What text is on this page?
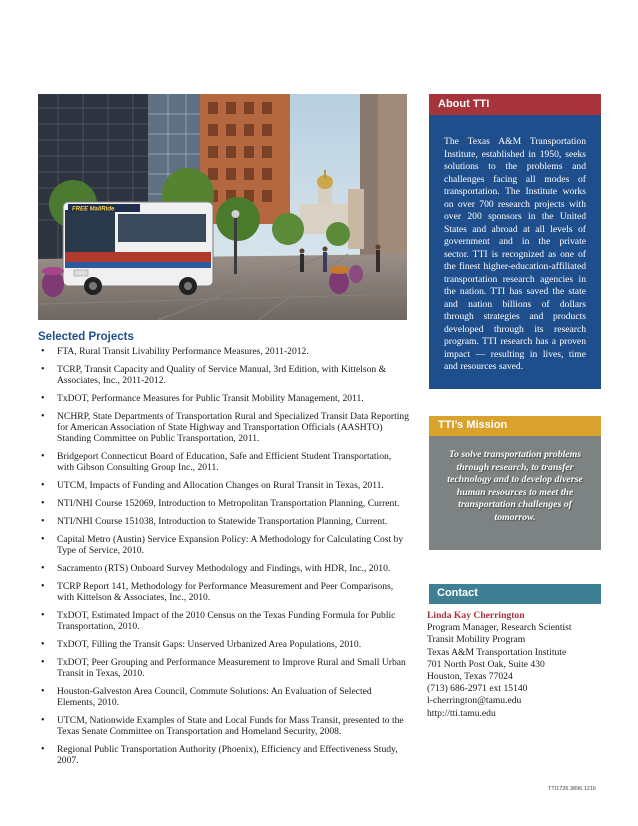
FREE MallRide
Selected Projects
• FTA, Rural Transit Livability Performance Measures, 2011-2012.
• TCRP, Transit Capacity and Quality of Service Manual, 3rd Edition, with Kittelson & Associates, Inc., 2011-2012.
• TxDOT, Performance Measures for Public Transit Mobility Management, 2011.
• NCHRP, State Departments of Transportation Rural and Specialized Transit Data Reporting for American Association of State Highway and Transportation Officials (AASHTO) Standing Committee on Public Transportation, 2011.
• Bridgeport Connecticut Board of Education, Safe and Efficient Student Transportation, with Gibson Consulting Group Inc., 2011.
• UTCM, Impacts of Funding and Allocation Changes on Rural Transit in Texas, 2011.
• NTI/NHI Course 152069, Introduction to Metropolitan Transportation Planning, Current.
• NTI/NHI Course 151038, Introduction to Statewide Transportation Planning, Current.
• Capital Metro (Austin) Service Expansion Policy: A Methodology for Calculating Cost by Type of Service, 2010.
• Sacramento (RTS) Onboard Survey Methodology and Findings, with HDR, Inc., 2010.
• TCRP Report 141, Methodology for Performance Measurement and Peer Comparisons, with Kittelson & Associates, Inc., 2010.
• TxDOT, Estimated Impact of the 2010 Census on the Texas Funding Formula for Public Transportation, 2010.
• TxDOT, Filling the Transit Gaps: Unserved Urbanized Area Populations, 2010.
• TxDOT, Peer Grouping and Performance Measurement to Improve Rural and Small Urban Transit in Texas, 2010.
• Houston-Galveston Area Council, Commute Solutions: An Evaluation of Selected Elements, 2010.
• UTCM, Nationwide Examples of State and Local Funds for Mass Transit, presented to the Texas Senate Committee on Transportation and Homeland Security, 2008.
• Regional Public Transportation Authority (Phoenix), Efficiency and Effectiveness Study, 2007.
About TTI

The Texas A&M Transportation Institute, established in 1950, seeks solutions to the problems and challenges facing all modes of transportation. The Institute works on over 700 research projects with over 200 sponsors in the United States and abroad at all levels of government and in the private sector. TTI is recognized as one of the finest higher-education-affiliated transportation research agencies in the nation. TTI has saved the state and nation billions of dollars through strategies and products developed through its research program. TTI research has a proven impact — resulting in lives, time and resources saved.

TTI’s Mission

To solve transportation problems through research, to transfer technology and to develop diverse human resources to meet the transportation challenges of tomorrow.

Contact
Linda Kay Cherrington
Program Manager, Research Scientist
Transit Mobility Program
Texas A&M Transportation Institute
701 North Post Oak, Suite 430
Houston, Texas 77024
(713) 686-2971 ext 15140
l-cherrington@tamu.edu
http://tti.tamu.edu
TTI1726.3896.1216
